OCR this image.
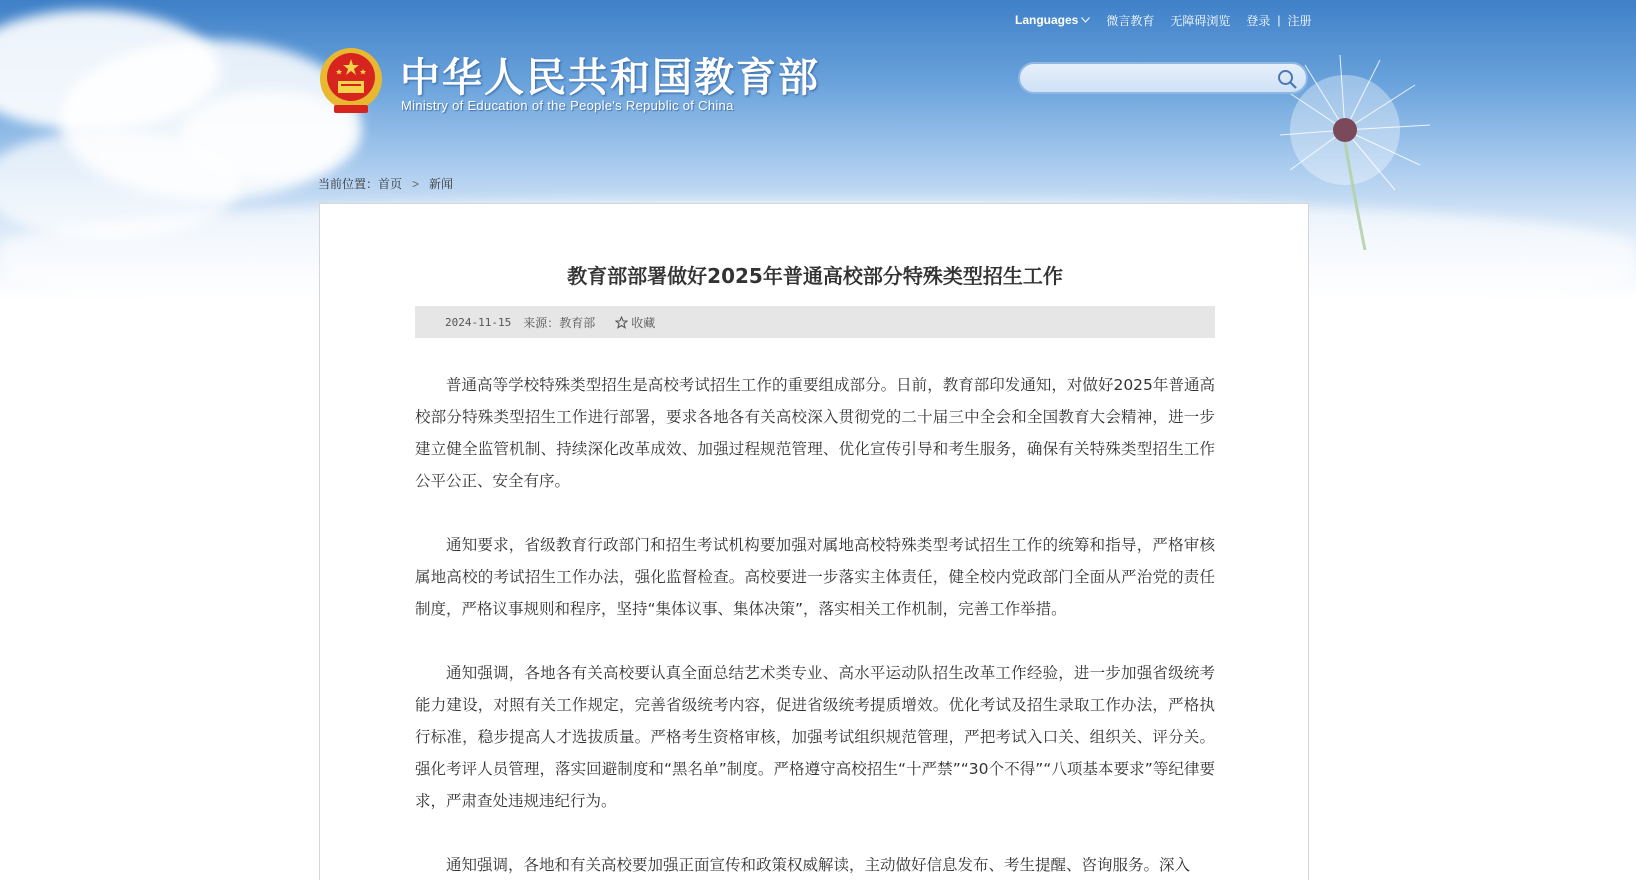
中华人民共和国教育部
Ministry of Education of the People's Republic of China
Languages 微言教育 无障碍浏览 登录 | 注册
当前位置： 首页 > 新闻
教育部部署做好2025年普通高校部分特殊类型招生工作
2024-11-15 来源：教育部	收藏

普通高等学校特殊类型招生是高校考试招生工作的重要组成部分。日前，教育部印发通知，对做好2025年普通高校部分特殊类型招生工作进行部署，要求各地各有关高校深入贯彻党的二十届三中全会和全国教育大会精神，进一步建立健全监管机制、持续深化改革成效、加强过程规范管理、优化宣传引导和考生服务，确保有关特殊类型招生工作公平公正、安全有序。

通知要求，省级教育行政部门和招生考试机构要加强对属地高校特殊类型考试招生工作的统筹和指导，严格审核属地高校的考试招生工作办法，强化监督检查。高校要进一步落实主体责任，健全校内党政部门全面从严治党的责任制度，严格议事规则和程序，坚持“集体议事、集体决策”，落实相关工作机制，完善工作举措。

通知强调，各地各有关高校要认真全面总结艺术类专业、高水平运动队招生改革工作经验，进一步加强省级统考能力建设，对照有关工作规定，完善省级统考内容，促进省级统考提质增效。优化考试及招生录取工作办法，严格执行标准，稳步提高人才选拔质量。严格考生资格审核，加强考试组织规范管理，严把考试入口关、组织关、评分关。强化考评人员管理，落实回避制度和“黑名单”制度。严格遵守高校招生“十严禁”“30个不得”“八项基本要求”等纪律要求，严肃查处违规违纪行为。

通知强调，各地和有关高校要加强正面宣传和政策权威解读，主动做好信息发布、考生提醒、咨询服务。深入
